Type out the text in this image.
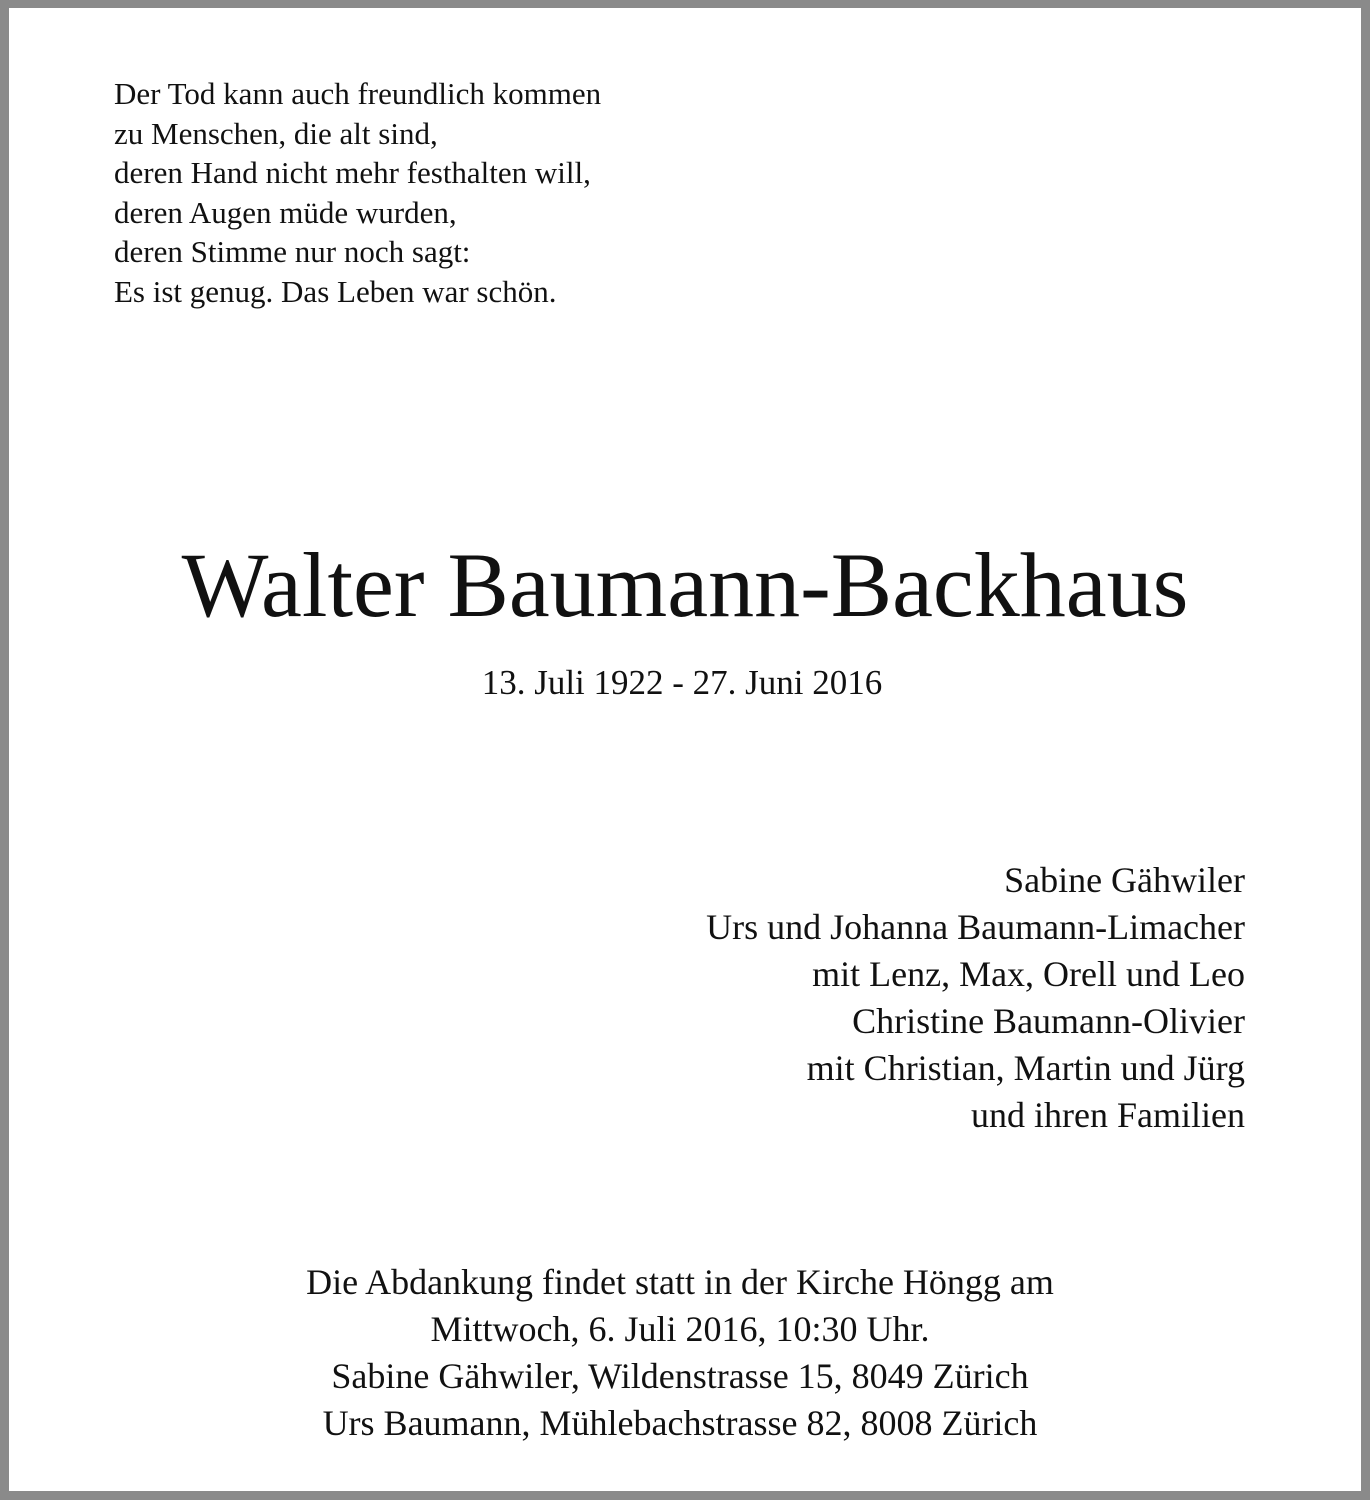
Der Tod kann auch freundlich kommen
zu Menschen, die alt sind,
deren Hand nicht mehr festhalten will,
deren Augen müde wurden,
deren Stimme nur noch sagt:
Es ist genug. Das Leben war schön.
Walter Baumann-Backhaus
13. Juli 1922 - 27. Juni 2016
Sabine Gähwiler
Urs und Johanna Baumann-Limacher
mit Lenz, Max, Orell und Leo
Christine Baumann-Olivier
mit Christian, Martin und Jürg
und ihren Familien
Die Abdankung findet statt in der Kirche Höngg am
Mittwoch, 6. Juli 2016, 10:30 Uhr.
Sabine Gähwiler, Wildenstrasse 15, 8049 Zürich
Urs Baumann, Mühlebachstrasse 82, 8008 Zürich
